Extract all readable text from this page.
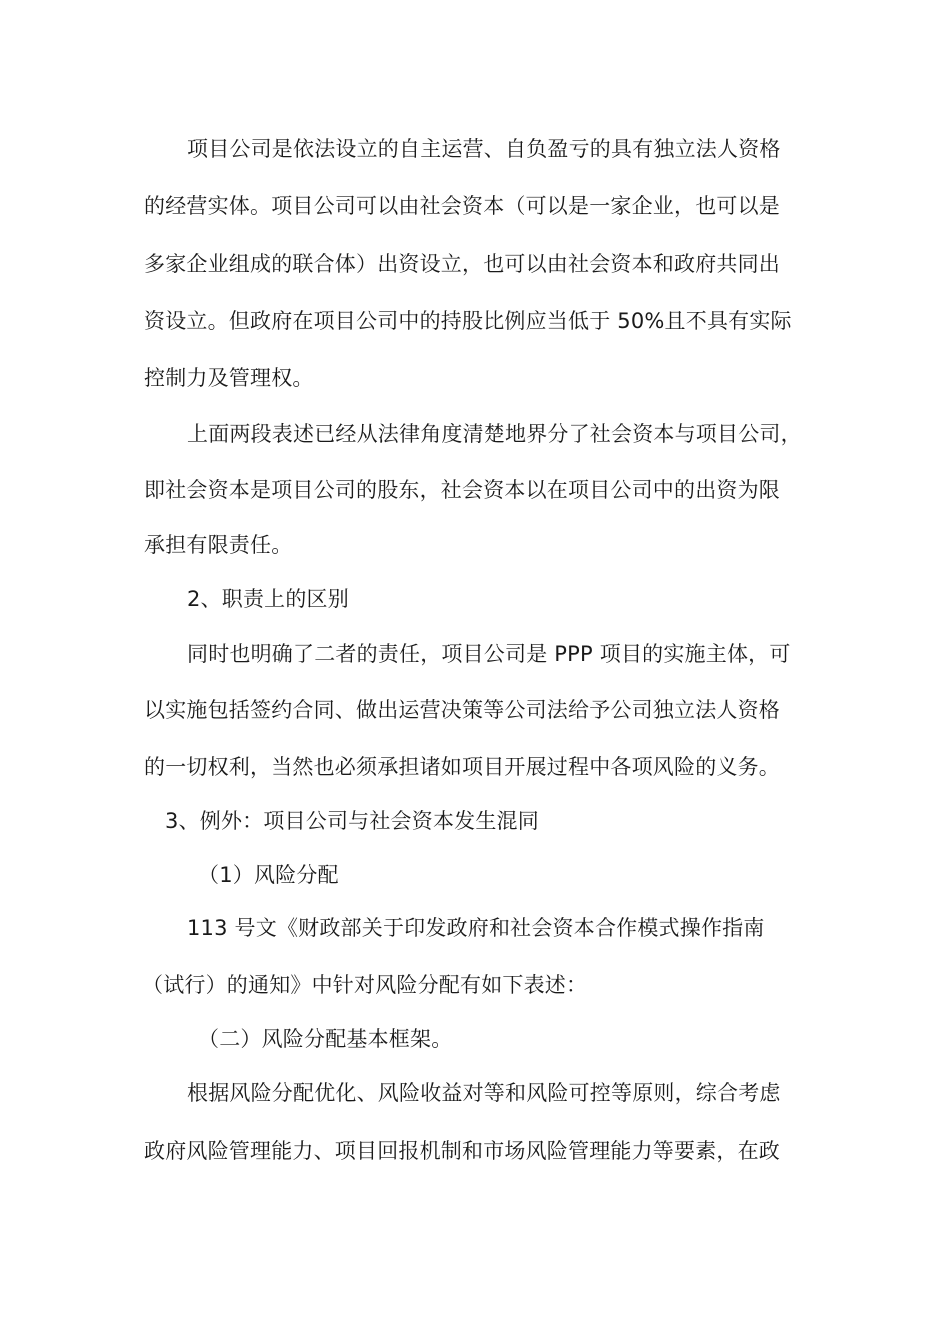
项目公司是依法设立的自主运营、自负盈亏的具有独立法人资格
的经营实体。项目公司可以由社会资本（可以是一家企业，也可以是
多家企业组成的联合体）出资设立，也可以由社会资本和政府共同出
资设立。但政府在项目公司中的持股比例应当低于 50%且不具有实际
控制力及管理权。
上面两段表述已经从法律角度清楚地界分了社会资本与项目公司，
即社会资本是项目公司的股东，社会资本以在项目公司中的出资为限
承担有限责任。
2、职责上的区别
同时也明确了二者的责任，项目公司是 PPP 项目的实施主体，可
以实施包括签约合同、做出运营决策等公司法给予公司独立法人资格
的一切权利，当然也必须承担诸如项目开展过程中各项风险的义务。
3、例外：项目公司与社会资本发生混同
（1）风险分配
113 号文《财政部关于印发政府和社会资本合作模式操作指南
（试行）的通知》中针对风险分配有如下表述：
（二）风险分配基本框架。
根据风险分配优化、风险收益对等和风险可控等原则，综合考虑
政府风险管理能力、项目回报机制和市场风险管理能力等要素，在政
